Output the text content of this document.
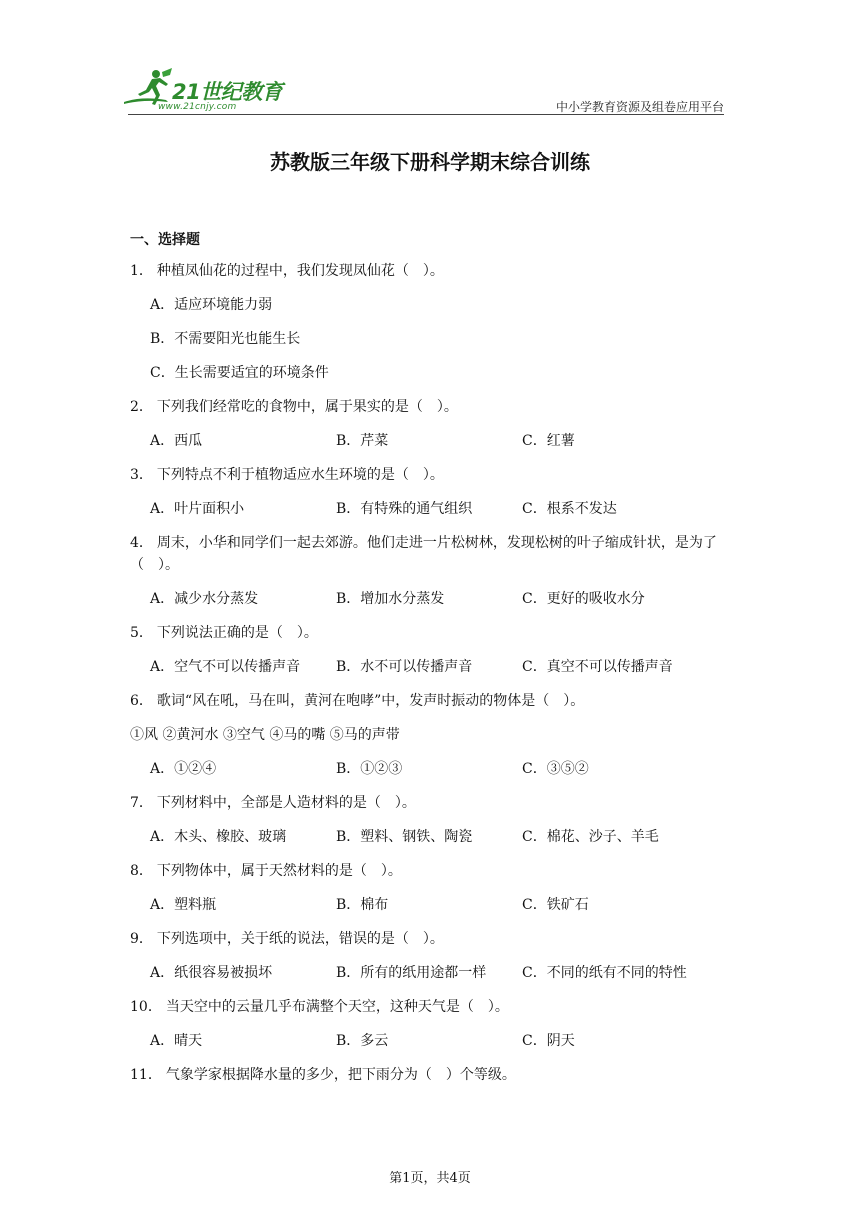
21世纪教育
www.21cnjy.com	中小学教育资源及组卷应用平台
苏教版三年级下册科学期末综合训练
一、选择题

1． 种植凤仙花的过程中，我们发现凤仙花（　）。

A．适应环境能力弱
B．不需要阳光也能生长
C．生长需要适宜的环境条件

2． 下列我们经常吃的食物中，属于果实的是（　）。

A．西瓜	B．芹菜	C．红薯

3． 下列特点不利于植物适应水生环境的是（　）。

A．叶片面积小	B．有特殊的通气组织	C．根系不发达

4． 周末，小华和同学们一起去郊游。他们走进一片松树林，发现松树的叶子缩成针状，是为了（　）。

A．减少水分蒸发	B．增加水分蒸发	C．更好的吸收水分

5． 下列说法正确的是（　）。

A．空气不可以传播声音	B．水不可以传播声音	C．真空不可以传播声音

6． 歌词“风在吼，马在叫，黄河在咆哮”中，发声时振动的物体是（　）。

①风 ②黄河水 ③空气 ④马的嘴 ⑤马的声带
A．①②④	B．①②③	C．③⑤②

7． 下列材料中，全部是人造材料的是（　）。

A．木头、橡胶、玻璃	B．塑料、钢铁、陶瓷	C．棉花、沙子、羊毛

8． 下列物体中，属于天然材料的是（　）。

A．塑料瓶	B．棉布	C．铁矿石

9． 下列选项中，关于纸的说法，错误的是（　）。

A．纸很容易被损坏	B．所有的纸用途都一样	C．不同的纸有不同的特性

10． 当天空中的云量几乎布满整个天空，这种天气是（　）。

A．晴天	B．多云	C．阴天

11． 气象学家根据降水量的多少，把下雨分为（　）个等级。

第1页，共4页
